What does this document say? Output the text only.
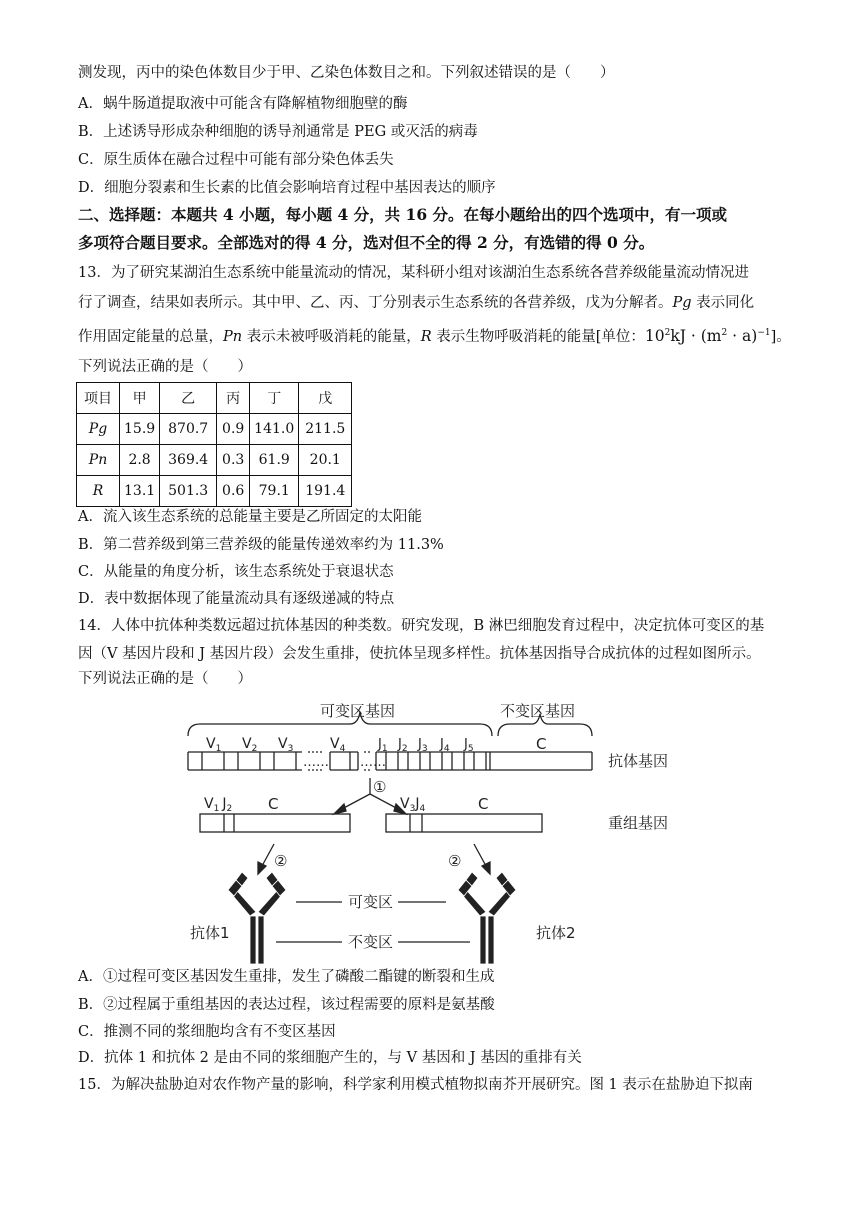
测发现，丙中的染色体数目少于甲、乙染色体数目之和。下列叙述错误的是（　　）
A．蜗牛肠道提取液中可能含有降解植物细胞壁的酶
B．上述诱导形成杂种细胞的诱导剂通常是 PEG 或灭活的病毒
C．原生质体在融合过程中可能有部分染色体丢失
D．细胞分裂素和生长素的比值会影响培育过程中基因表达的顺序
二、选择题：本题共 4 小题，每小题 4 分，共 16 分。在每小题给出的四个选项中，有一项或
多项符合题目要求。全部选对的得 4 分，选对但不全的得 2 分，有选错的得 0 分。
13．为了研究某湖泊生态系统中能量流动的情况，某科研小组对该湖泊生态系统各营养级能量流动情况进
行了调查，结果如表所示。其中甲、乙、丙、丁分别表示生态系统的各营养级，戊为分解者。Pg 表示同化
作用固定能量的总量，Pn 表示未被呼吸消耗的能量，R 表示生物呼吸消耗的能量[单位：$10^2kJ \cdot (m^2 \cdot a)^{-1}$]。
下列说法正确的是（　　）
项目	甲	乙	丙	丁	戊
Pg	15.9	870.7	0.9	141.0	211.5
Pn	2.8	369.4	0.3	61.9	20.1
R	13.1	501.3	0.6	79.1	191.4
A．流入该生态系统的总能量主要是乙所固定的太阳能
B．第二营养级到第三营养级的能量传递效率约为 11.3%
C．从能量的角度分析，该生态系统处于衰退状态
D．表中数据体现了能量流动具有逐级递减的特点
14．人体中抗体种类数远超过抗体基因的种类数。研究发现，B 淋巴细胞发育过程中，决定抗体可变区的基
因（V 基因片段和 J 基因片段）会发生重排，使抗体呈现多样性。抗体基因指导合成抗体的过程如图所示。
下列说法正确的是（　　）
可变区基因	不变区基因
…… ……
$V_1$ $V_2$ $V_3$	$V_4$	$J_1$ $J_2$ $J_3$ $J_4$ $J_5$	C
抗体基因
①
$V_1$ $J_2$ C	$V_3J_4$	C
重组基因
②	②
可变区
不变区
抗体1	抗体2
A．①过程可变区基因发生重排，发生了磷酸二酯键的断裂和生成
B．②过程属于重组基因的表达过程，该过程需要的原料是氨基酸
C．推测不同的浆细胞均含有不变区基因
D．抗体 1 和抗体 2 是由不同的浆细胞产生的，与 V 基因和 J 基因的重排有关
15．为解决盐胁迫对农作物产量的影响，科学家利用模式植物拟南芥开展研究。图 1 表示在盐胁迫下拟南
